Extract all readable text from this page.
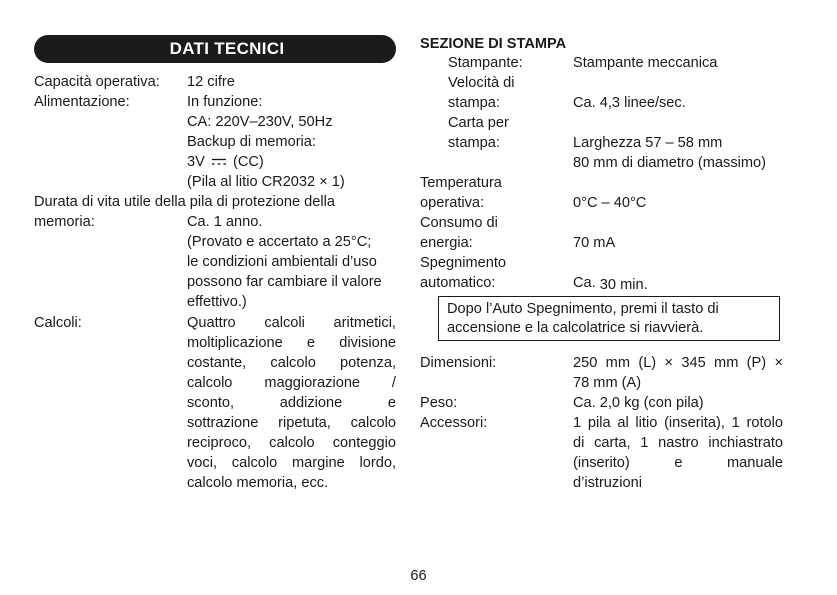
DATI TECNICI
Capacità operativa: 12 cifre
Alimentazione:	In funzione:
CA: 220V–230V, 50Hz
Backup di memoria:
3V (CC)
(Pila al litio CR2032 × 1)
Durata di vita utile della pila di protezione della
memoria:	Ca. 1 anno.
(Provato e accertato a 25°C;
le condizioni ambientali d’uso
possono far cambiare il valore
effettivo.)
Calcoli:	Quattro calcoli aritmetici,
moltiplicazione e divisione
costante, calcolo potenza,
calcolo maggiorazione /
sconto, addizione e
sottrazione ripetuta, calcolo
reciproco, calcolo conteggio
voci, calcolo margine lordo,
calcolo memoria, ecc.
SEZIONE DI STAMPA
Stampante:	Stampante meccanica
Velocità di
stampa:	Ca. 4,3 linee/sec.
Carta per
stampa:	Larghezza 57 – 58 mm
80 mm di diametro (massimo)
Temperatura
operativa:	0°C – 40°C
Consumo di
energia:	70 mA
Spegnimento
automatico:	Ca. 30 min.
Dopo l’Auto Spegnimento, premi il tasto di
accensione e la calcolatrice si riavvierà.
Dimensioni:	250 mm (L) × 345 mm (P) ×
78 mm (A)
Peso:	Ca. 2,0 kg (con pila)
Accessori:	1 pila al litio (inserita), 1 rotolo
di carta, 1 nastro inchiastrato
(inserito) e manuale
d’istruzioni
66
